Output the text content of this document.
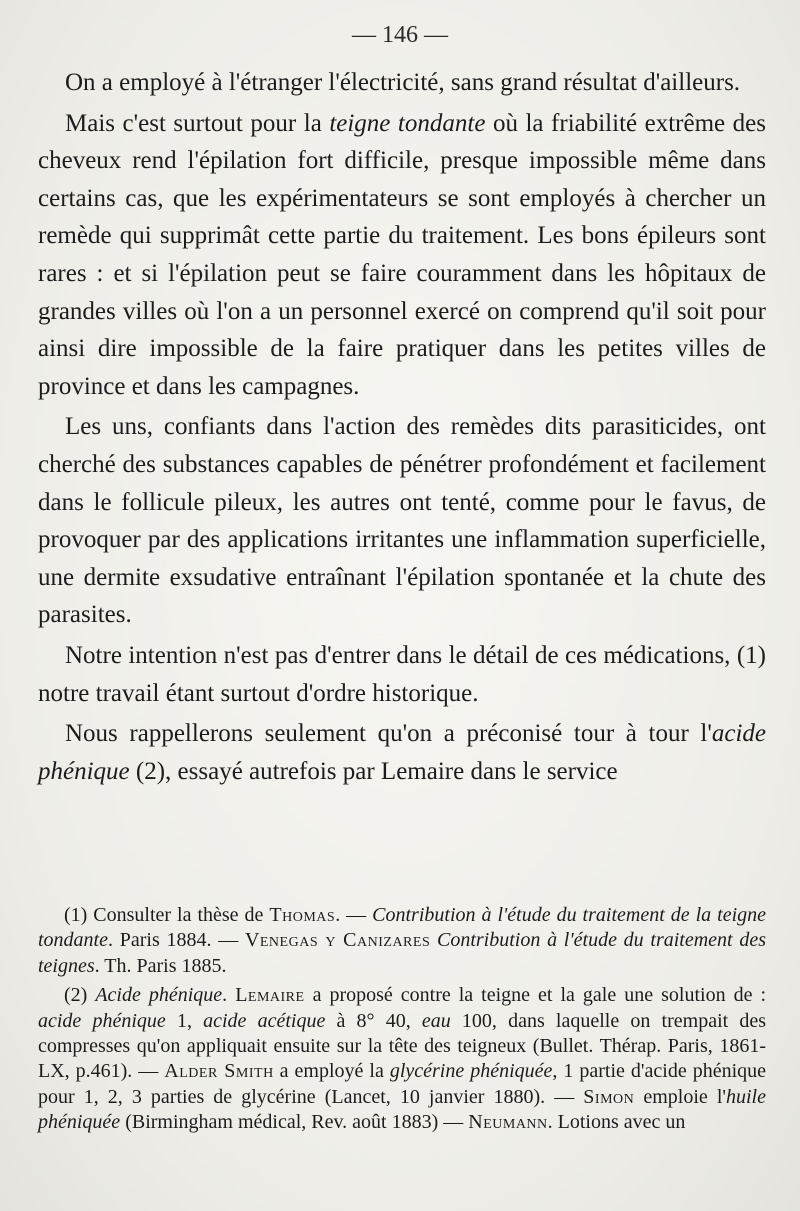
— 146 —

On a employé à l'étranger l'électricité, sans grand résultat d'ailleurs.

Mais c'est surtout pour la teigne tondante où la friabilité extrême des cheveux rend l'épilation fort difficile, presque impossible même dans certains cas, que les expérimentateurs se sont employés à chercher un remède qui supprimât cette partie du traitement. Les bons épileurs sont rares : et si l'épilation peut se faire couramment dans les hôpitaux de grandes villes où l'on a un personnel exercé on comprend qu'il soit pour ainsi dire impossible de la faire pratiquer dans les petites villes de province et dans les campagnes.

Les uns, confiants dans l'action des remèdes dits parasiticides, ont cherché des substances capables de pénétrer profondément et facilement dans le follicule pileux, les autres ont tenté, comme pour le favus, de provoquer par des applications irritantes une inflammation superficielle, une dermite exsudative entraînant l'épilation spontanée et la chute des parasites.

Notre intention n'est pas d'entrer dans le détail de ces médications, (1) notre travail étant surtout d'ordre historique.

Nous rappellerons seulement qu'on a préconisé tour à tour l'acide phénique (2), essayé autrefois par Lemaire dans le service

(1) Consulter la thèse de Thomas. — Contribution à l'étude du traitement de la teigne tondante. Paris 1884. — Venegas y Canizares Contribution à l'étude du traitement des teignes. Th. Paris 1885.

(2) Acide phénique. Lemaire a proposé contre la teigne et la gale une solution de : acide phénique 1, acide acétique à 8° 40, eau 100, dans laquelle on trempait des compresses qu'on appliquait ensuite sur la tête des teigneux (Bullet. Thérap. Paris, 1861-LX, p.461). — Alder Smith a employé la glycérine phéniquée, 1 partie d'acide phénique pour 1, 2, 3 parties de glycérine (Lancet, 10 janvier 1880). — Simon emploie l'huile phéniquée (Birmingham médical, Rev. août 1883) — Neumann. Lotions avec un
